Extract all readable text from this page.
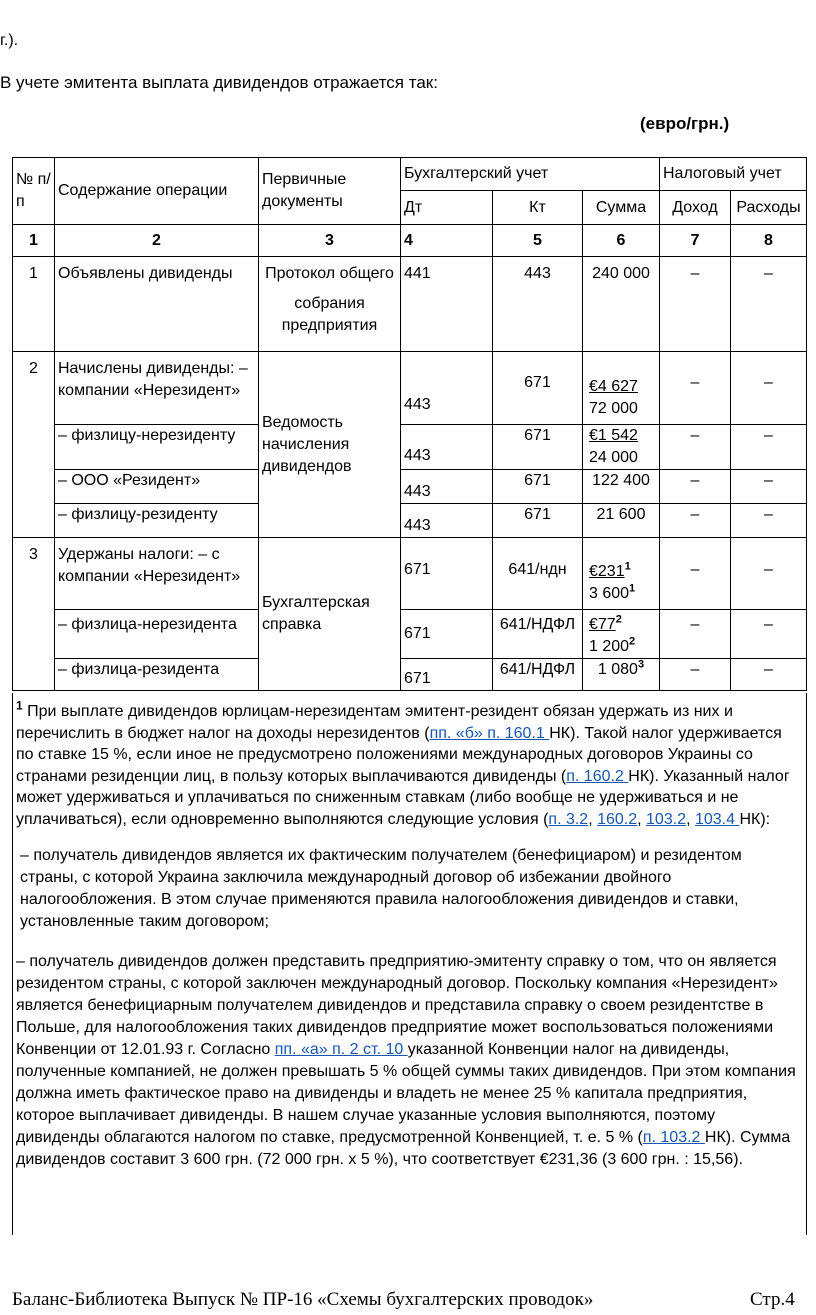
г.).
В учете эмитента выплата дивидендов отражается так:
(евро/грн.)
№ п/п	Содержание операции	Первичные документы	Бухгалтерский учет			Налоговый учет	
			Дт	Кт	Сумма	Доход	Расходы
1	2	3	4	5	6	7	8
1	Объявлены дивиденды	Протокол общего
собрания предприятия	441	443	240 000	–	–
2	Начислены дивиденды: – компании «Нерезидент»	Ведомость начисления дивидендов	443	671	€4 627
72 000	–	–
	– физлицу-нерезиденту		443	671	€1 542
24 000	–	–
	– ООО «Резидент»		443	671	122 400	–	–
	– физлицу-резиденту		443	671	21 600	–	–
3	Удержаны налоги: – с компании «Нерезидент»	Бухгалтерская справка	671	641/ндн	$€231^1$
3 $600^1$	–	–
	– физлица-нерезидента		671	641/НДФЛ	$€77^2$
1 $200^2$	–	–
	– физлица-резидента		671	641/НДФЛ	1 $080^3$	–	–

$^1$ При выплате дивидендов юрлицам-нерезидентам эмитент-резидент обязан удержать из них и перечислить в бюджет налог на доходы нерезидентов (пп. «б» п. 160.1 НК). Такой налог удерживается по ставке 15 %, если иное не предусмотрено положениями международных договоров Украины со странами резиденции лиц, в пользу которых выплачиваются дивиденды (п. 160.2 НК). Указанный налог может удерживаться и уплачиваться по сниженным ставкам (либо вообще не удерживаться и не уплачиваться), если одновременно выполняются следующие условия (п. 3.2, 160.2, 103.2, 103.4 НК):

– получатель дивидендов является их фактическим получателем (бенефициаром) и резидентом страны, с которой Украина заключила международный договор об избежании двойного налогообложения. В этом случае применяются правила налогообложения дивидендов и ставки, установленные таким договором;

– получатель дивидендов должен представить предприятию-эмитенту справку о том, что он является резидентом страны, с которой заключен международный договор. Поскольку компания «Нерезидент» является бенефициарным получателем дивидендов и представила справку о своем резидентстве в Польше, для налогообложения таких дивидендов предприятие может воспользоваться положениями Конвенции от 12.01.93 г. Согласно пп. «а» п. 2 ст. 10 указанной Конвенции налог на дивиденды, полученные компанией, не должен превышать 5 % общей суммы таких дивидендов. При этом компания должна иметь фактическое право на дивиденды и владеть не менее 25 % капитала предприятия, которое выплачивает дивиденды. В нашем случае указанные условия выполняются, поэтому дивиденды облагаются налогом по ставке, предусмотренной Конвенцией, т. е. 5 % (п. 103.2 НК). Сумма дивидендов составит 3 600 грн. (72 000 грн. х 5 %), что соответствует €231,36 (3 600 грн. : 15,56).

Баланс-Библиотека Выпуск № ПР-16 «Схемы бухгалтерских проводок»	Стр.4
